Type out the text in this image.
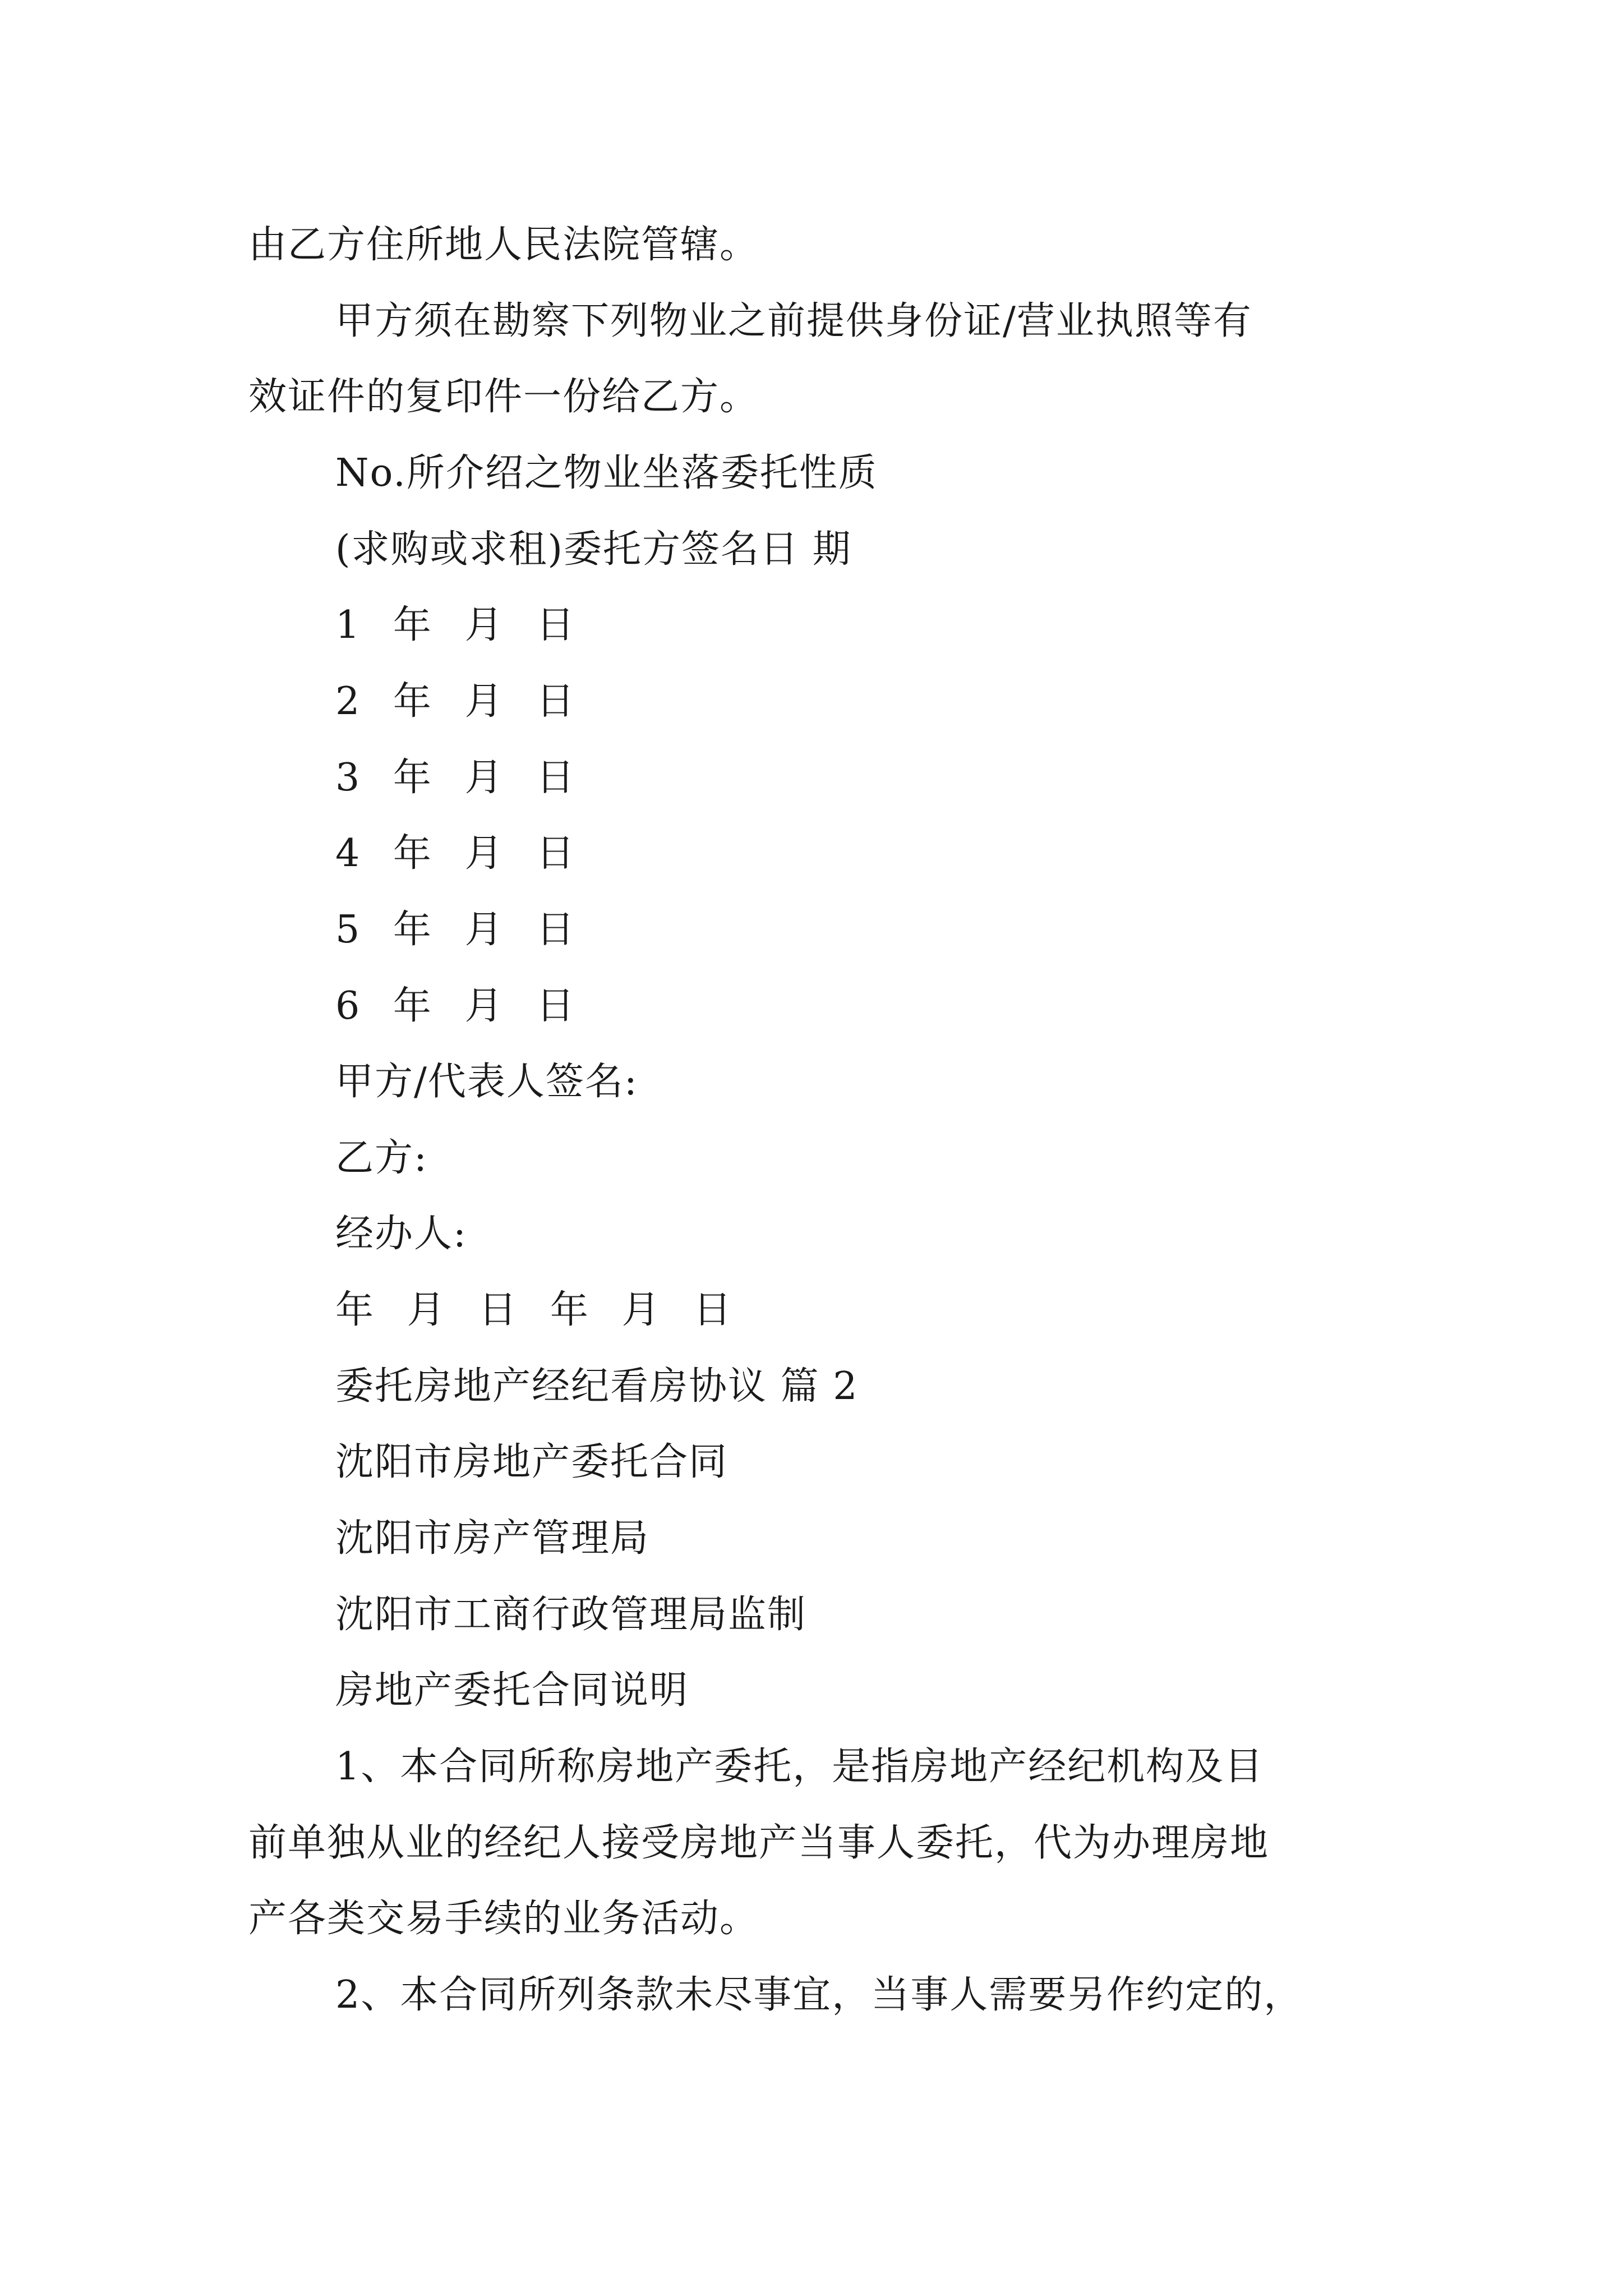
由乙方住所地人民法院管辖。
甲方须在勘察下列物业之前提供身份证/营业执照等有
效证件的复印件一份给乙方。
No.所介绍之物业坐落委托性质
(求购或求租)委托方签名日 期
1 年 月 日
2 年 月 日
3 年 月 日
4 年 月 日
5 年 月 日
6 年 月 日
甲方/代表人签名:
乙方:
经办人:
年 月 日 年 月 日
委托房地产经纪看房协议 篇 2
沈阳市房地产委托合同
沈阳市房产管理局
沈阳市工商行政管理局监制
房地产委托合同说明
1、本合同所称房地产委托，是指房地产经纪机构及目
前单独从业的经纪人接受房地产当事人委托，代为办理房地
产各类交易手续的业务活动。
2、本合同所列条款未尽事宜，当事人需要另作约定的，
